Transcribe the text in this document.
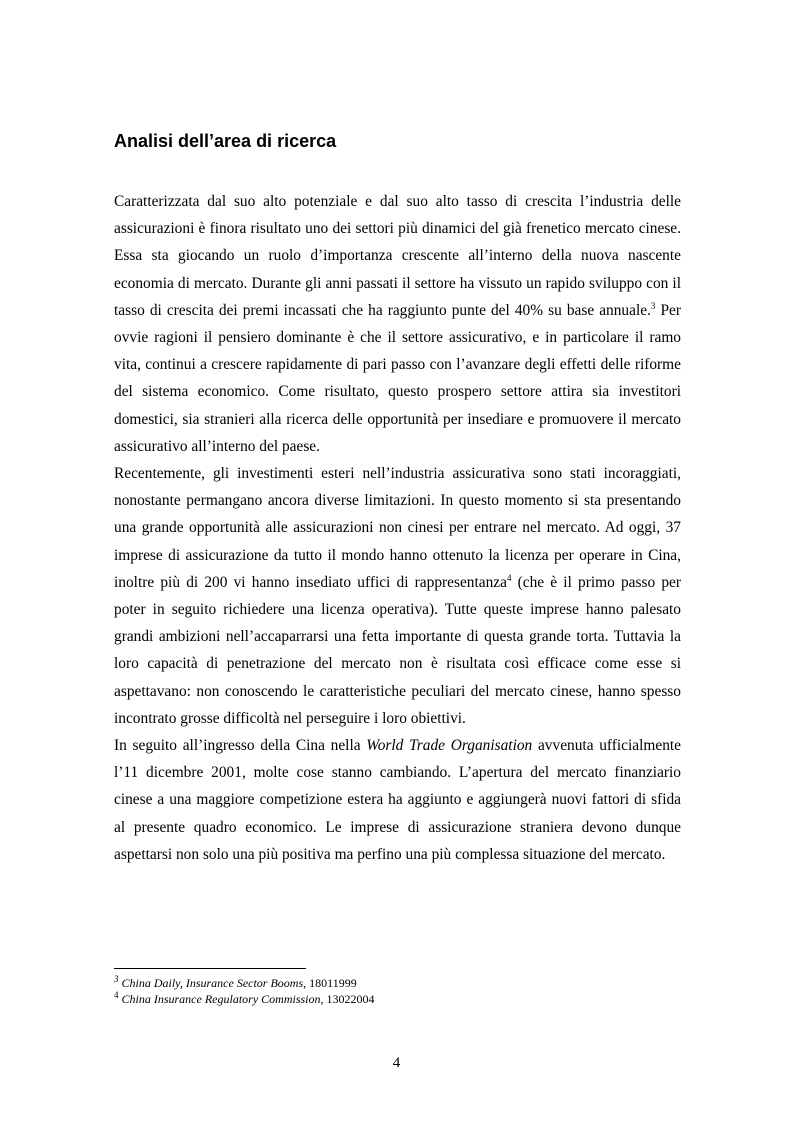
Analisi dell’area di ricerca

Caratterizzata dal suo alto potenziale e dal suo alto tasso di crescita l’industria delle assicurazioni è finora risultato uno dei settori più dinamici del già frenetico mercato cinese. Essa sta giocando un ruolo d’importanza crescente all’interno della nuova nascente economia di mercato. Durante gli anni passati il settore ha vissuto un rapido sviluppo con il tasso di crescita dei premi incassati che ha raggiunto punte del 40% su base annuale.$^3$ Per ovvie ragioni il pensiero dominante è che il settore assicurativo, e in particolare il ramo vita, continui a crescere rapidamente di pari passo con l’avanzare degli effetti delle riforme del sistema economico. Come risultato, questo prospero settore attira sia investitori domestici, sia stranieri alla ricerca delle opportunità per insediare e promuovere il mercato assicurativo all’interno del paese.

Recentemente, gli investimenti esteri nell’industria assicurativa sono stati incoraggiati, nonostante permangano ancora diverse limitazioni. In questo momento si sta presentando una grande opportunità alle assicurazioni non cinesi per entrare nel mercato. Ad oggi, 37 imprese di assicurazione da tutto il mondo hanno ottenuto la licenza per operare in Cina, inoltre più di 200 vi hanno insediato uffici di rappresentanza$^4$ (che è il primo passo per poter in seguito richiedere una licenza operativa). Tutte queste imprese hanno palesato grandi ambizioni nell’accaparrarsi una fetta importante di questa grande torta. Tuttavia la loro capacità di penetrazione del mercato non è risultata così efficace come esse si aspettavano: non conoscendo le caratteristiche peculiari del mercato cinese, hanno spesso incontrato grosse difficoltà nel perseguire i loro obiettivi.

In seguito all’ingresso della Cina nella World Trade Organisation avvenuta ufficialmente l’11 dicembre 2001, molte cose stanno cambiando. L’apertura del mercato finanziario cinese a una maggiore competizione estera ha aggiunto e aggiungerà nuovi fattori di sfida al presente quadro economico. Le imprese di assicurazione straniera devono dunque aspettarsi non solo una più positiva ma perfino una più complessa situazione del mercato.

$^3$ China Daily, Insurance Sector Booms, 18011999

$^4$ China Insurance Regulatory Commission, 13022004

4
